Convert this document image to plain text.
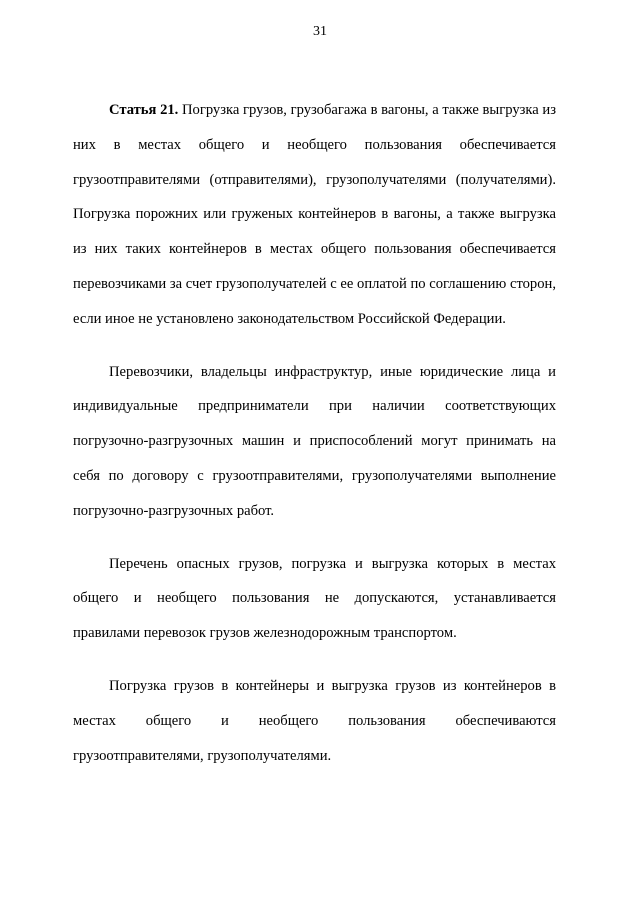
31

Статья 21. Погрузка грузов, грузобагажа в вагоны, а также выгрузка из них в местах общего и необщего пользования обеспечивается грузоотправителями (отправителями), грузополучателями (получателями). Погрузка порожних или груженых контейнеров в вагоны, а также выгрузка из них таких контейнеров в местах общего пользования обеспечивается перевозчиками за счет грузополучателей с ее оплатой по соглашению сторон, если иное не установлено законодательством Российской Федерации.

Перевозчики, владельцы инфраструктур, иные юридические лица и индивидуальные предприниматели при наличии соответствующих погрузочно-разгрузочных машин и приспособлений могут принимать на себя по договору с грузоотправителями, грузополучателями выполнение погрузочно-разгрузочных работ.

Перечень опасных грузов, погрузка и выгрузка которых в местах общего и необщего пользования не допускаются, устанавливается правилами перевозок грузов железнодорожным транспортом.

Погрузка грузов в контейнеры и выгрузка грузов из контейнеров в местах общего и необщего пользования обеспечиваются грузоотправителями, грузополучателями.
